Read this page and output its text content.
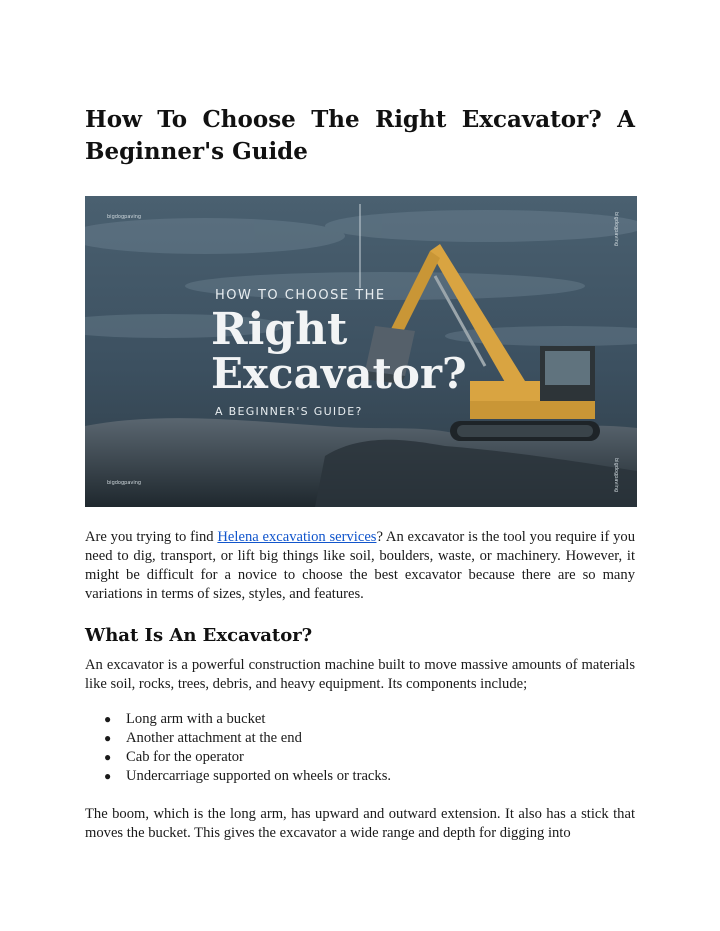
How To Choose The Right Excavator? A Beginner's Guide
HOW TO CHOOSE THE
Right
Excavator?
A BEGINNER'S GUIDE?
bigdogpaving	bigdogpaving
bigdogpaving	bigdogpaving

Are you trying to find Helena excavation services? An excavator is the tool you require if you need to dig, transport, or lift big things like soil, boulders, waste, or machinery. However, it might be difficult for a novice to choose the best excavator because there are so many variations in terms of sizes, styles, and features.

What Is An Excavator?

An excavator is a powerful construction machine built to move massive amounts of materials like soil, rocks, trees, debris, and heavy equipment. Its components include;

● Long arm with a bucket
● Another attachment at the end
● Cab for the operator
● Undercarriage supported on wheels or tracks.

The boom, which is the long arm, has upward and outward extension. It also has a stick that moves the bucket. This gives the excavator a wide range and depth for digging into
